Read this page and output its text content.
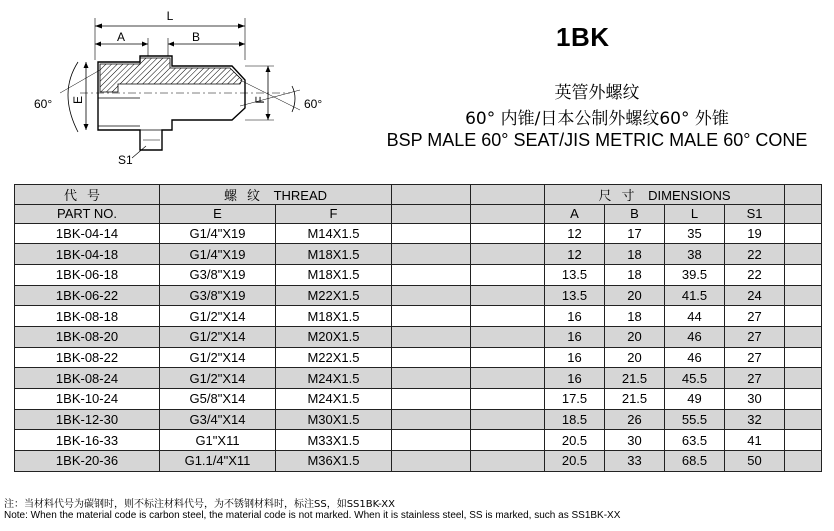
L
A	B
E	F
S1
60°	60°
1BK
英管外螺纹
60° 内锥/日本公制外螺纹60° 外锥
BSP MALE 60° SEAT/JIS METRIC MALE 60° CONE
代号	螺纹 THREAD				尺寸 DIMENSIONS				
PART NO.	E	F			A	B	L	S1	
1BK-04-14	G1/4"X19	M14X1.5			12	17	35	19	
1BK-04-18	G1/4"X19	M18X1.5			12	18	38	22	
1BK-06-18	G3/8"X19	M18X1.5			13.5	18	39.5	22	
1BK-06-22	G3/8"X19	M22X1.5			13.5	20	41.5	24	
1BK-08-18	G1/2"X14	M18X1.5			16	18	44	27	
1BK-08-20	G1/2"X14	M20X1.5			16	20	46	27	
1BK-08-22	G1/2"X14	M22X1.5			16	20	46	27	
1BK-08-24	G1/2"X14	M24X1.5			16	21.5	45.5	27	
1BK-10-24	G5/8"X14	M24X1.5			17.5	21.5	49	30	
1BK-12-30	G3/4"X14	M30X1.5			18.5	26	55.5	32	
1BK-16-33	G1"X11	M33X1.5			20.5	30	63.5	41	
1BK-20-36	G1.1/4"X11	M36X1.5			20.5	33	68.5	50	
注：当材料代号为碳钢时，则不标注材料代号，为不锈钢材料时，标注SS，如SS1BK-XX
Note: When the material code is carbon steel, the material code is not marked. When it is stainless steel, SS is marked, such as SS1BK-XX
